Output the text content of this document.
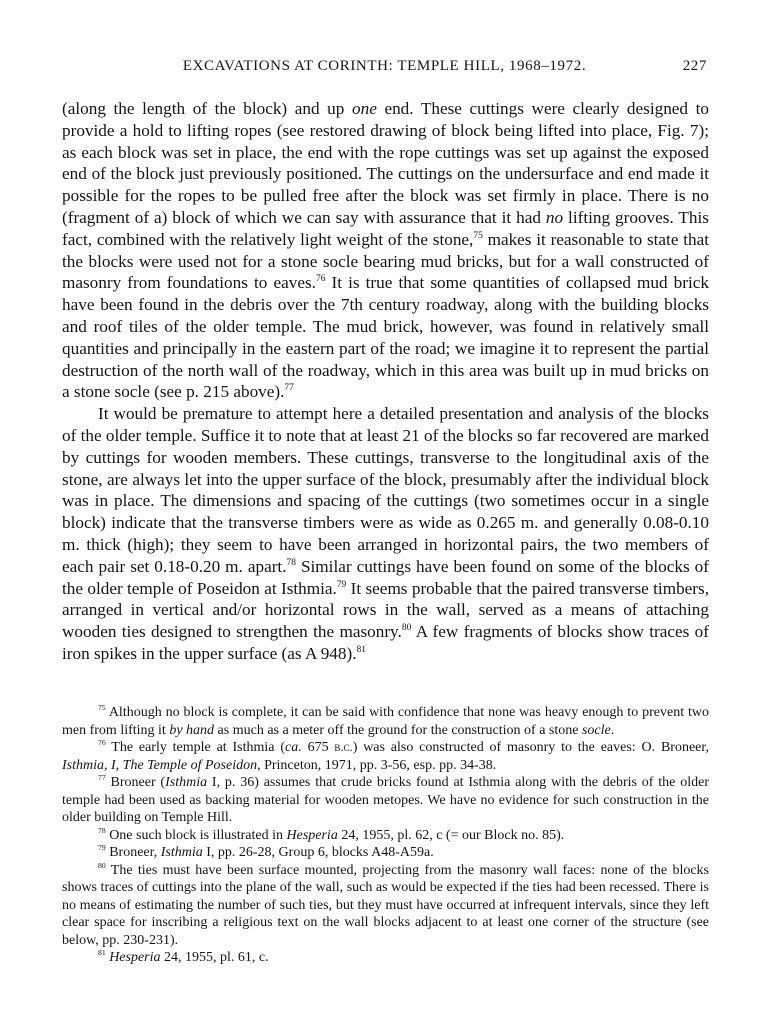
EXCAVATIONS AT CORINTH: TEMPLE HILL, 1968–1972.	227

(along the length of the block) and up one end. These cuttings were clearly designed to provide a hold to lifting ropes (see restored drawing of block being lifted into place, Fig. 7); as each block was set in place, the end with the rope cuttings was set up against the exposed end of the block just previously positioned. The cuttings on the undersurface and end made it possible for the ropes to be pulled free after the block was set firmly in place. There is no (fragment of a) block of which we can say with assurance that it had no lifting grooves. This fact, combined with the relatively light weight of the stone,$^{75}$ makes it reasonable to state that the blocks were used not for a stone socle bearing mud bricks, but for a wall constructed of masonry from foundations to eaves.$^{76}$ It is true that some quantities of collapsed mud brick have been found in the debris over the 7th century roadway, along with the building blocks and roof tiles of the older temple. The mud brick, however, was found in relatively small quantities and principally in the eastern part of the road; we imagine it to represent the partial destruction of the north wall of the roadway, which in this area was built up in mud bricks on a stone socle (see p. 215 above).$^{77}$

It would be premature to attempt here a detailed presentation and analysis of the blocks of the older temple. Suffice it to note that at least 21 of the blocks so far recovered are marked by cuttings for wooden members. These cuttings, transverse to the longitudinal axis of the stone, are always let into the upper surface of the block, presumably after the individual block was in place. The dimensions and spacing of the cuttings (two sometimes occur in a single block) indicate that the transverse timbers were as wide as 0.265 m. and generally 0.08-0.10 m. thick (high); they seem to have been arranged in horizontal pairs, the two members of each pair set 0.18-0.20 m. apart.$^{78}$ Similar cuttings have been found on some of the blocks of the older temple of Poseidon at Isthmia.$^{79}$ It seems probable that the paired transverse timbers, arranged in vertical and/or horizontal rows in the wall, served as a means of attaching wooden ties designed to strengthen the masonry.$^{80}$ A few fragments of blocks show traces of iron spikes in the upper surface (as A 948).$^{81}$

$^{75}$ Although no block is complete, it can be said with confidence that none was heavy enough to prevent two men from lifting it by hand as much as a meter off the ground for the construction of a stone socle.

$^{76}$ The early temple at Isthmia (ca. 675 b.c.) was also constructed of masonry to the eaves: O. Broneer, Isthmia, I, The Temple of Poseidon, Princeton, 1971, pp. 3-56, esp. pp. 34-38.

$^{77}$ Broneer (Isthmia I, p. 36) assumes that crude bricks found at Isthmia along with the debris of the older temple had been used as backing material for wooden metopes. We have no evidence for such construction in the older building on Temple Hill.

$^{78}$ One such block is illustrated in Hesperia 24, 1955, pl. 62, c (= our Block no. 85).

$^{79}$ Broneer, Isthmia I, pp. 26-28, Group 6, blocks A48-A59a.

$^{80}$ The ties must have been surface mounted, projecting from the masonry wall faces: none of the blocks shows traces of cuttings into the plane of the wall, such as would be expected if the ties had been recessed. There is no means of estimating the number of such ties, but they must have occurred at infrequent intervals, since they left clear space for inscribing a religious text on the wall blocks adjacent to at least one corner of the structure (see below, pp. 230-231).

$^{81}$ Hesperia 24, 1955, pl. 61, c.
